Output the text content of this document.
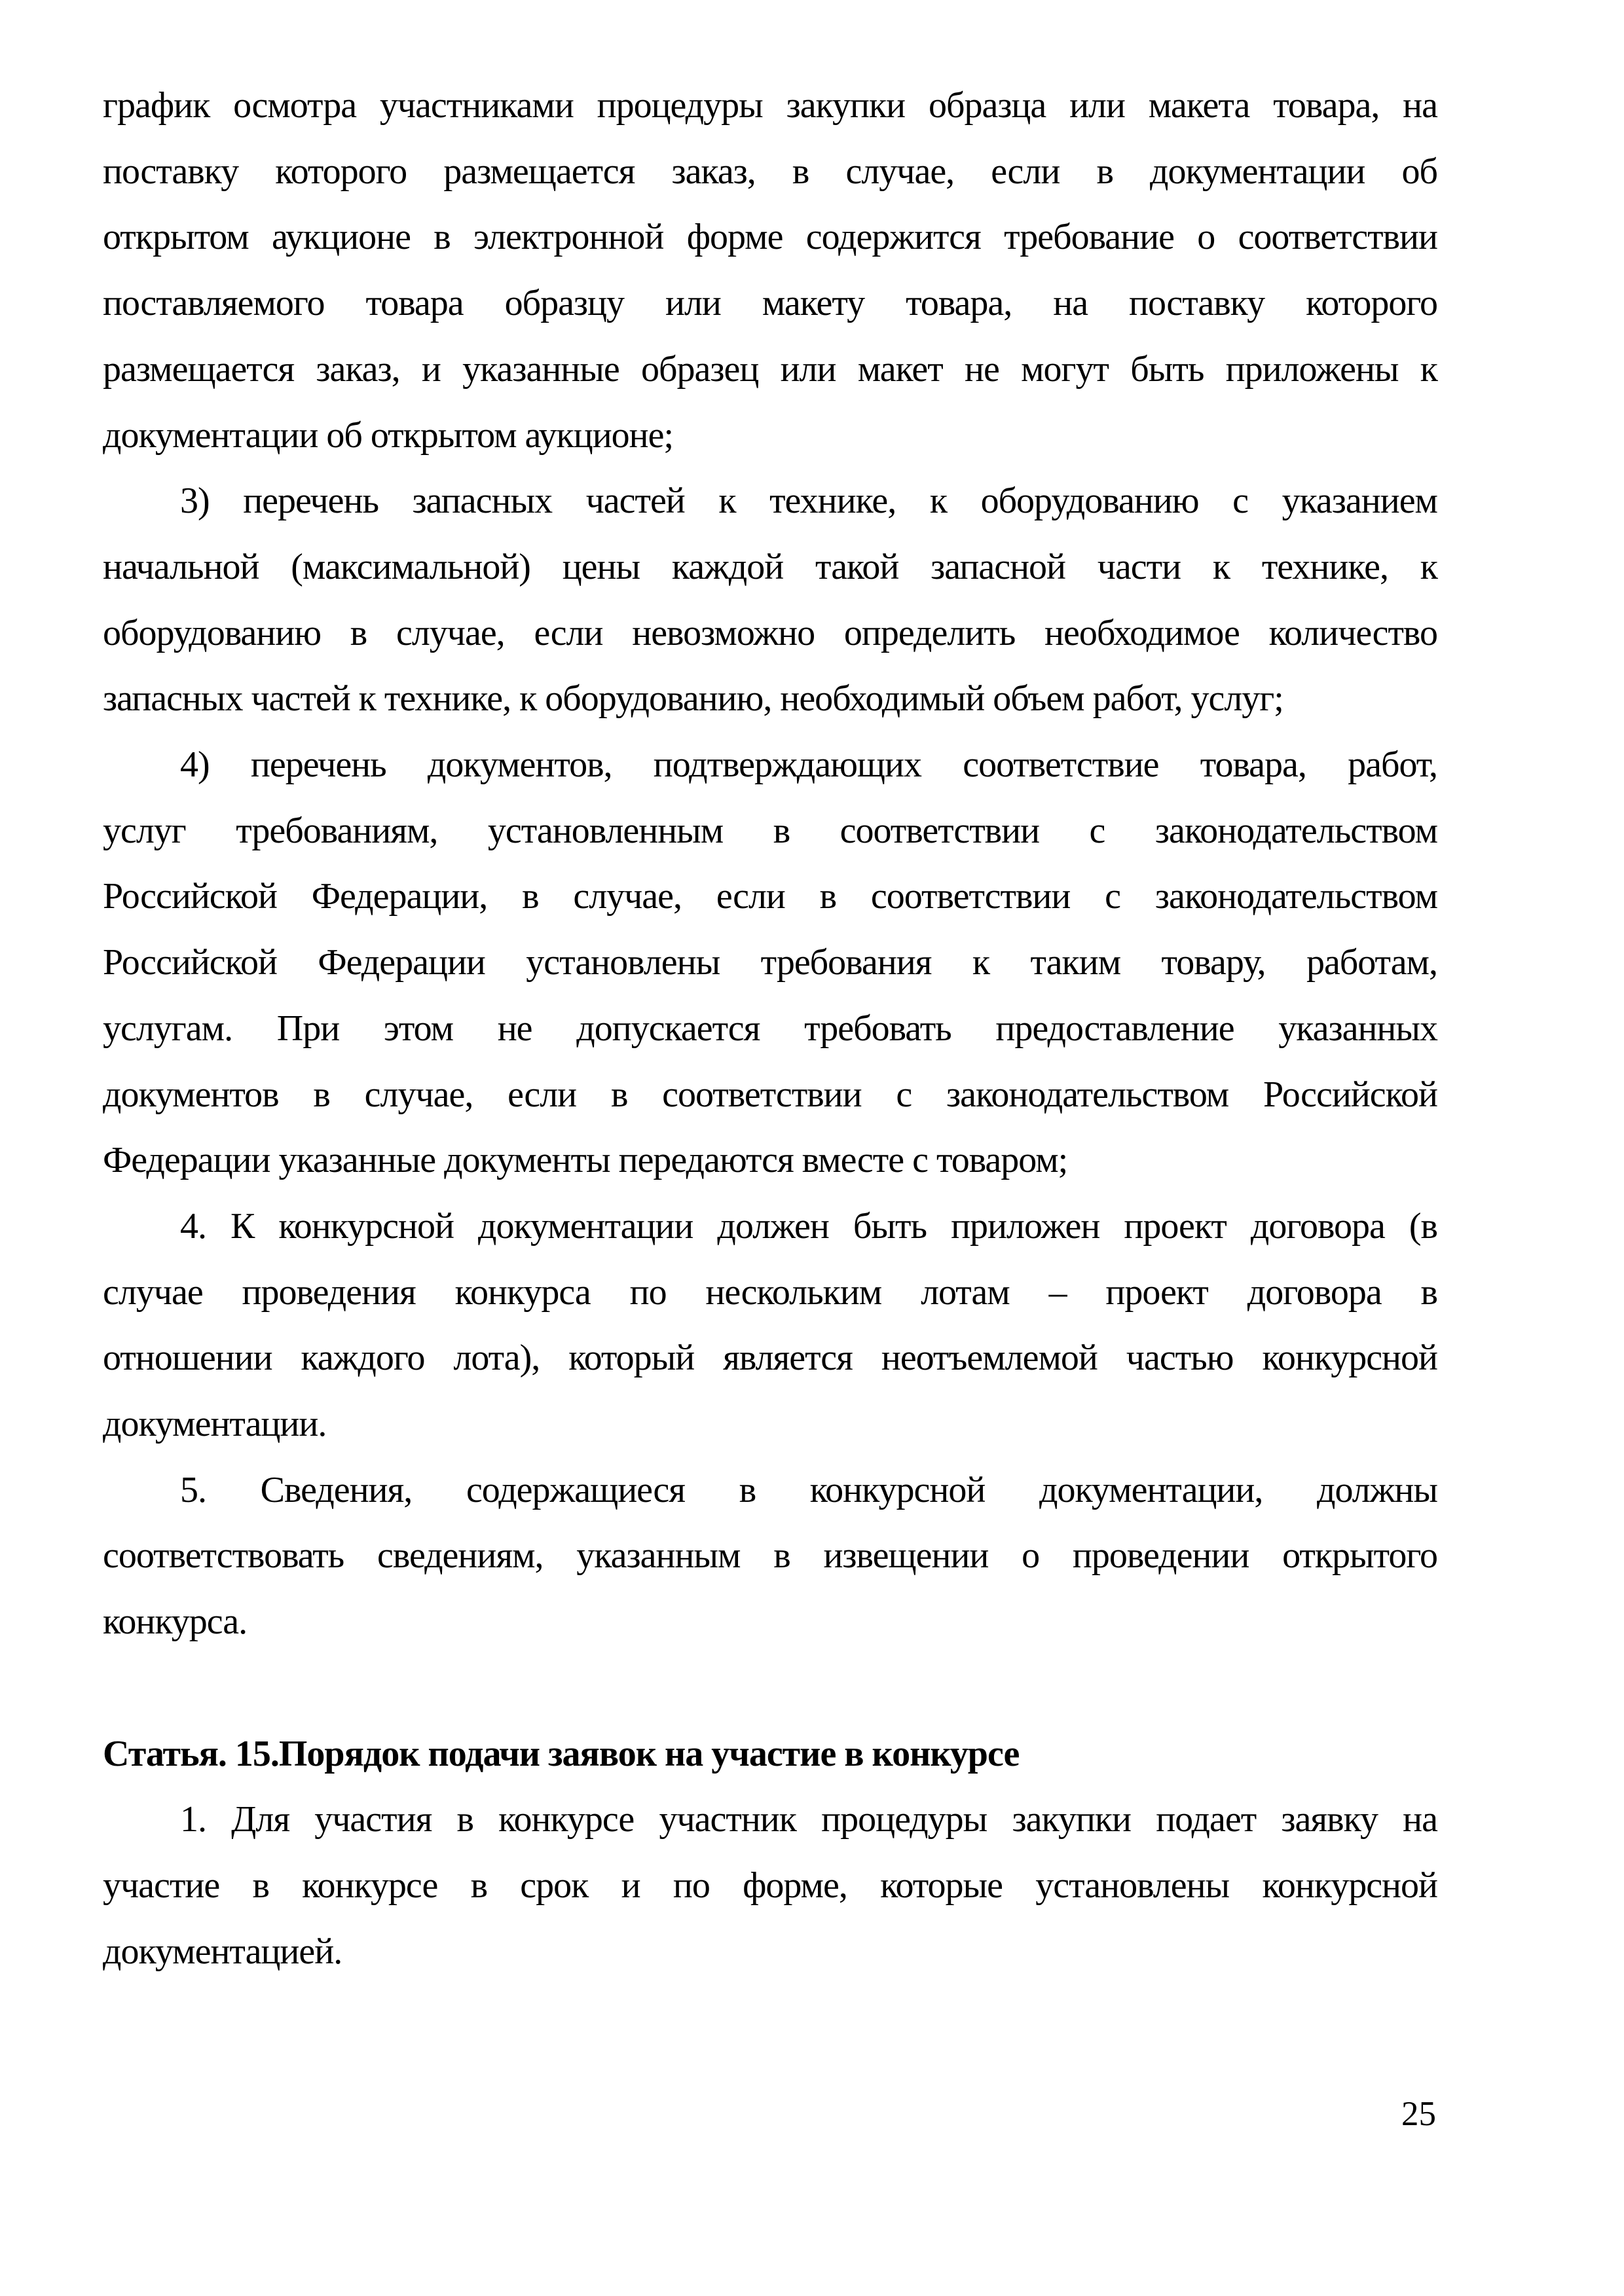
график осмотра участниками процедуры закупки образца или макета товара, на
поставку которого размещается заказ, в случае, если в документации об
открытом аукционе в электронной форме содержится требование о соответствии
поставляемого товара образцу или макету товара, на поставку которого
размещается заказ, и указанные образец или макет не могут быть приложены к
документации об открытом аукционе;
3) перечень запасных частей к технике, к оборудованию с указанием
начальной (максимальной) цены каждой такой запасной части к технике, к
оборудованию в случае, если невозможно определить необходимое количество
запасных частей к технике, к оборудованию, необходимый объем работ, услуг;
4) перечень документов, подтверждающих соответствие товара, работ,
услуг требованиям, установленным в соответствии с законодательством
Российской Федерации, в случае, если в соответствии с законодательством
Российской Федерации установлены требования к таким товару, работам,
услугам. При этом не допускается требовать предоставление указанных
документов в случае, если в соответствии с законодательством Российской
Федерации указанные документы передаются вместе с товаром;
4. К конкурсной документации должен быть приложен проект договора (в
случае проведения конкурса по нескольким лотам – проект договора в
отношении каждого лота), который является неотъемлемой частью конкурсной
документации.
5. Сведения, содержащиеся в конкурсной документации, должны
соответствовать сведениям, указанным в извещении о проведении открытого
конкурса.
Статья. 15.Порядок подачи заявок на участие в конкурсе
1. Для участия в конкурсе участник процедуры закупки подает заявку на
участие в конкурсе в срок и по форме, которые установлены конкурсной
документацией.
25
